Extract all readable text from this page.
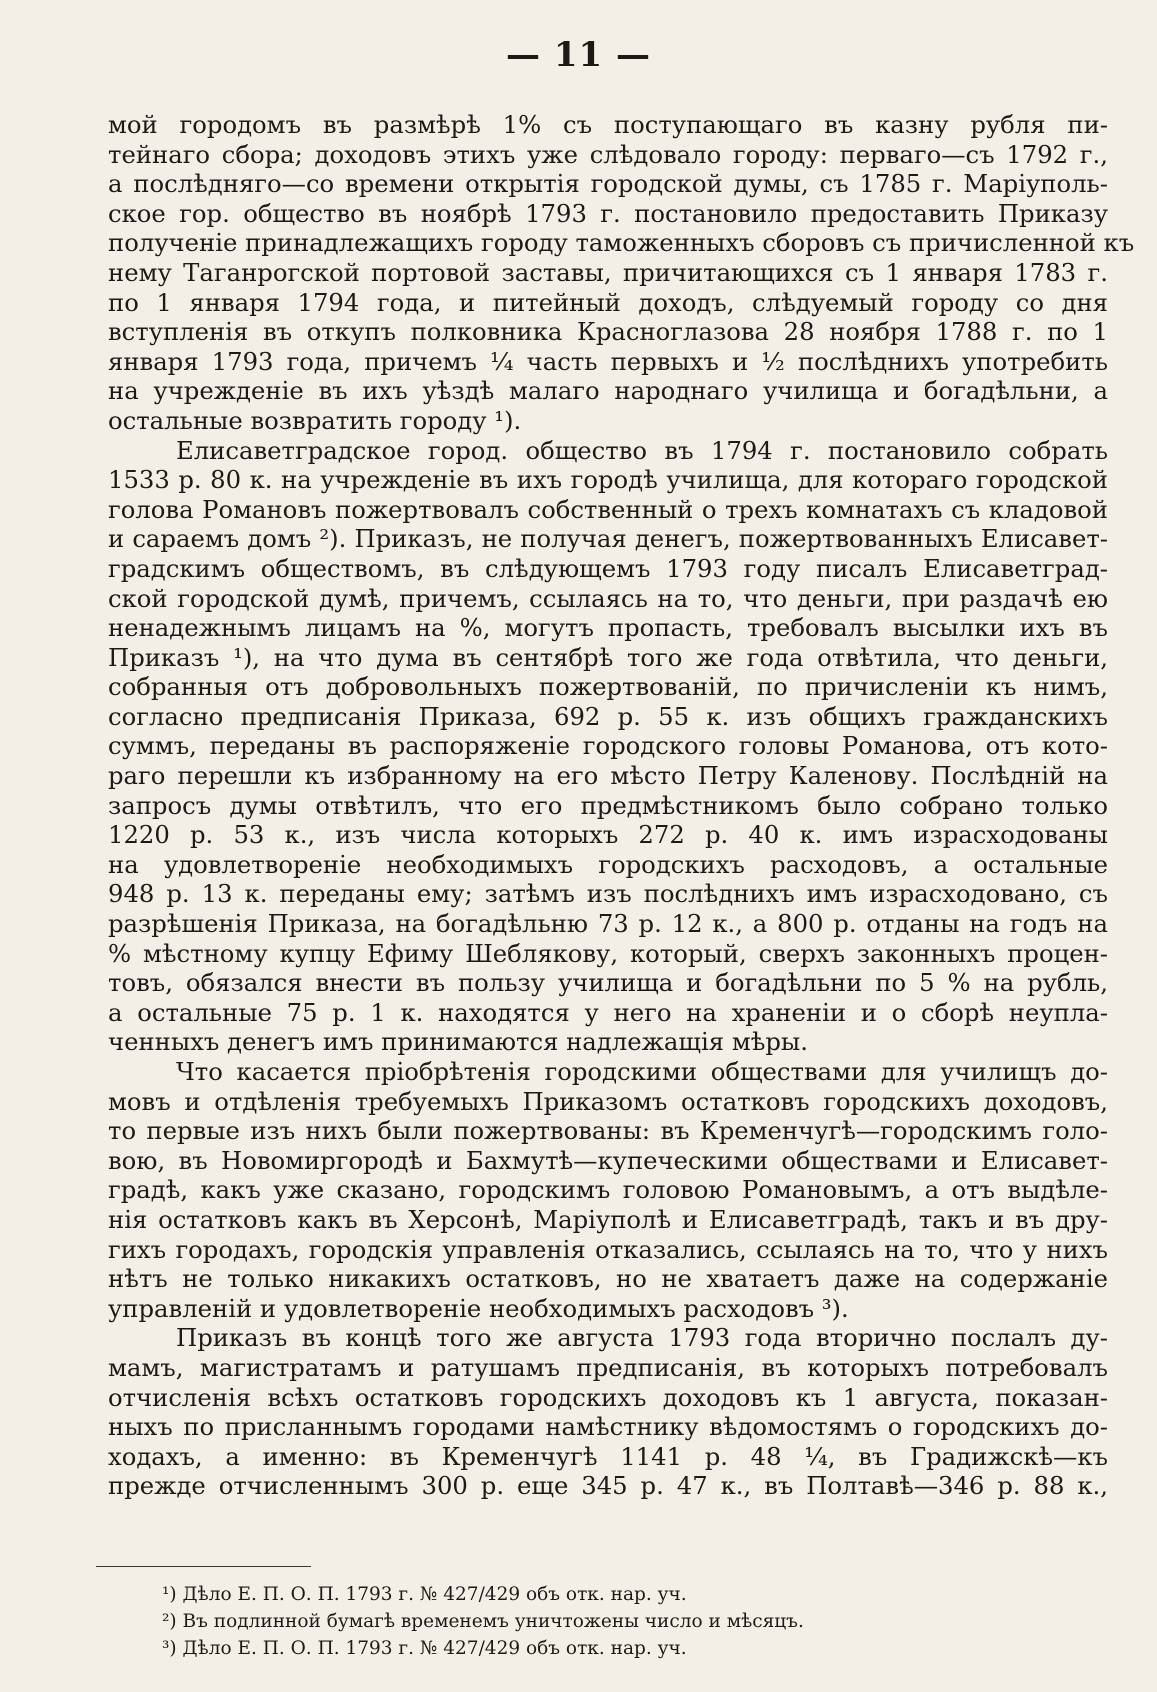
— 11 —
мой городомъ въ размѣрѣ 1% съ поступающаго въ казну рубля пи-
тейнаго сбора; доходовъ этихъ уже слѣдовало городу: перваго—съ 1792 г.,
а послѣдняго—со времени открытія городской думы, съ 1785 г. Маріуполь-
ское гор. общество въ ноябрѣ 1793 г. постановило предоставить Приказу
полученіе принадлежащихъ городу таможенныхъ сборовъ съ причисленной къ
нему Таганрогской портовой заставы, причитающихся съ 1 января 1783 г.
по 1 января 1794 года, и питейный доходъ, слѣдуемый городу со дня
вступленія въ откупъ полковника Красноглазова 28 ноября 1788 г. по 1
января 1793 года, причемъ ¼ часть первыхъ и ½ послѣднихъ употребить
на учрежденіе въ ихъ уѣздѣ малаго народнаго училища и богадѣльни, а
остальные возвратить городу ¹).
Елисаветградское город. общество въ 1794 г. постановило собрать
1533 р. 80 к. на учрежденіе въ ихъ городѣ училища, для котораго городской
голова Романовъ пожертвовалъ собственный о трехъ комнатахъ съ кладовой
и сараемъ домъ ²). Приказъ, не получая денегъ, пожертвованныхъ Елисавет-
градскимъ обществомъ, въ слѣдующемъ 1793 году писалъ Елисаветград-
ской городской думѣ, причемъ, ссылаясь на то, что деньги, при раздачѣ ею
ненадежнымъ лицамъ на %, могутъ пропасть, требовалъ высылки ихъ въ
Приказъ ¹), на что дума въ сентябрѣ того же года отвѣтила, что деньги,
собранныя отъ добровольныхъ пожертвованій, по причисленіи къ нимъ,
согласно предписанія Приказа, 692 р. 55 к. изъ общихъ гражданскихъ
суммъ, переданы въ распоряженіе городского головы Романова, отъ кото-
раго перешли къ избранному на его мѣсто Петру Каленову. Послѣдній на
запросъ думы отвѣтилъ, что его предмѣстникомъ было собрано только
1220 р. 53 к., изъ числа которыхъ 272 р. 40 к. имъ израсходованы
на удовлетвореніе необходимыхъ городскихъ расходовъ, а остальные
948 р. 13 к. переданы ему; затѣмъ изъ послѣднихъ имъ израсходовано, съ
разрѣшенія Приказа, на богадѣльню 73 р. 12 к., а 800 р. отданы на годъ на
% мѣстному купцу Ефиму Шеблякову, который, сверхъ законныхъ процен-
товъ, обязался внести въ пользу училища и богадѣльни по 5 % на рубль,
а остальные 75 р. 1 к. находятся у него на храненіи и о сборѣ неупла-
ченныхъ денегъ имъ принимаются надлежащія мѣры.
Что касается пріобрѣтенія городскими обществами для училищъ до-
мовъ и отдѣленія требуемыхъ Приказомъ остатковъ городскихъ доходовъ,
то первые изъ нихъ были пожертвованы: въ Кременчугѣ—городскимъ голо-
вою, въ Новомиргородѣ и Бахмутѣ—купеческими обществами и Елисавет-
градѣ, какъ уже сказано, городскимъ головою Романовымъ, а отъ выдѣле-
нія остатковъ какъ въ Херсонѣ, Маріуполѣ и Елисаветградѣ, такъ и въ дру-
гихъ городахъ, городскія управленія отказались, ссылаясь на то, что у нихъ
нѣтъ не только никакихъ остатковъ, но не хватаетъ даже на содержаніе
управленій и удовлетвореніе необходимыхъ расходовъ ³).
Приказъ въ концѣ того же августа 1793 года вторично послалъ ду-
мамъ, магистратамъ и ратушамъ предписанія, въ которыхъ потребовалъ
отчисленія всѣхъ остатковъ городскихъ доходовъ къ 1 августа, показан-
ныхъ по присланнымъ городами намѣстнику вѣдомостямъ о городскихъ до-
ходахъ, а именно: въ Кременчугѣ 1141 р. 48 ¼, въ Градижскѣ—къ
прежде отчисленнымъ 300 р. еще 345 р. 47 к., въ Полтавѣ—346 р. 88 к.,
¹) Дѣло Е. П. О. П. 1793 г. № 427/429 объ отк. нар. уч.
²) Въ подлинной бумагѣ временемъ уничтожены число и мѣсяцъ.
³) Дѣло Е. П. О. П. 1793 г. № 427/429 объ отк. нар. уч.
